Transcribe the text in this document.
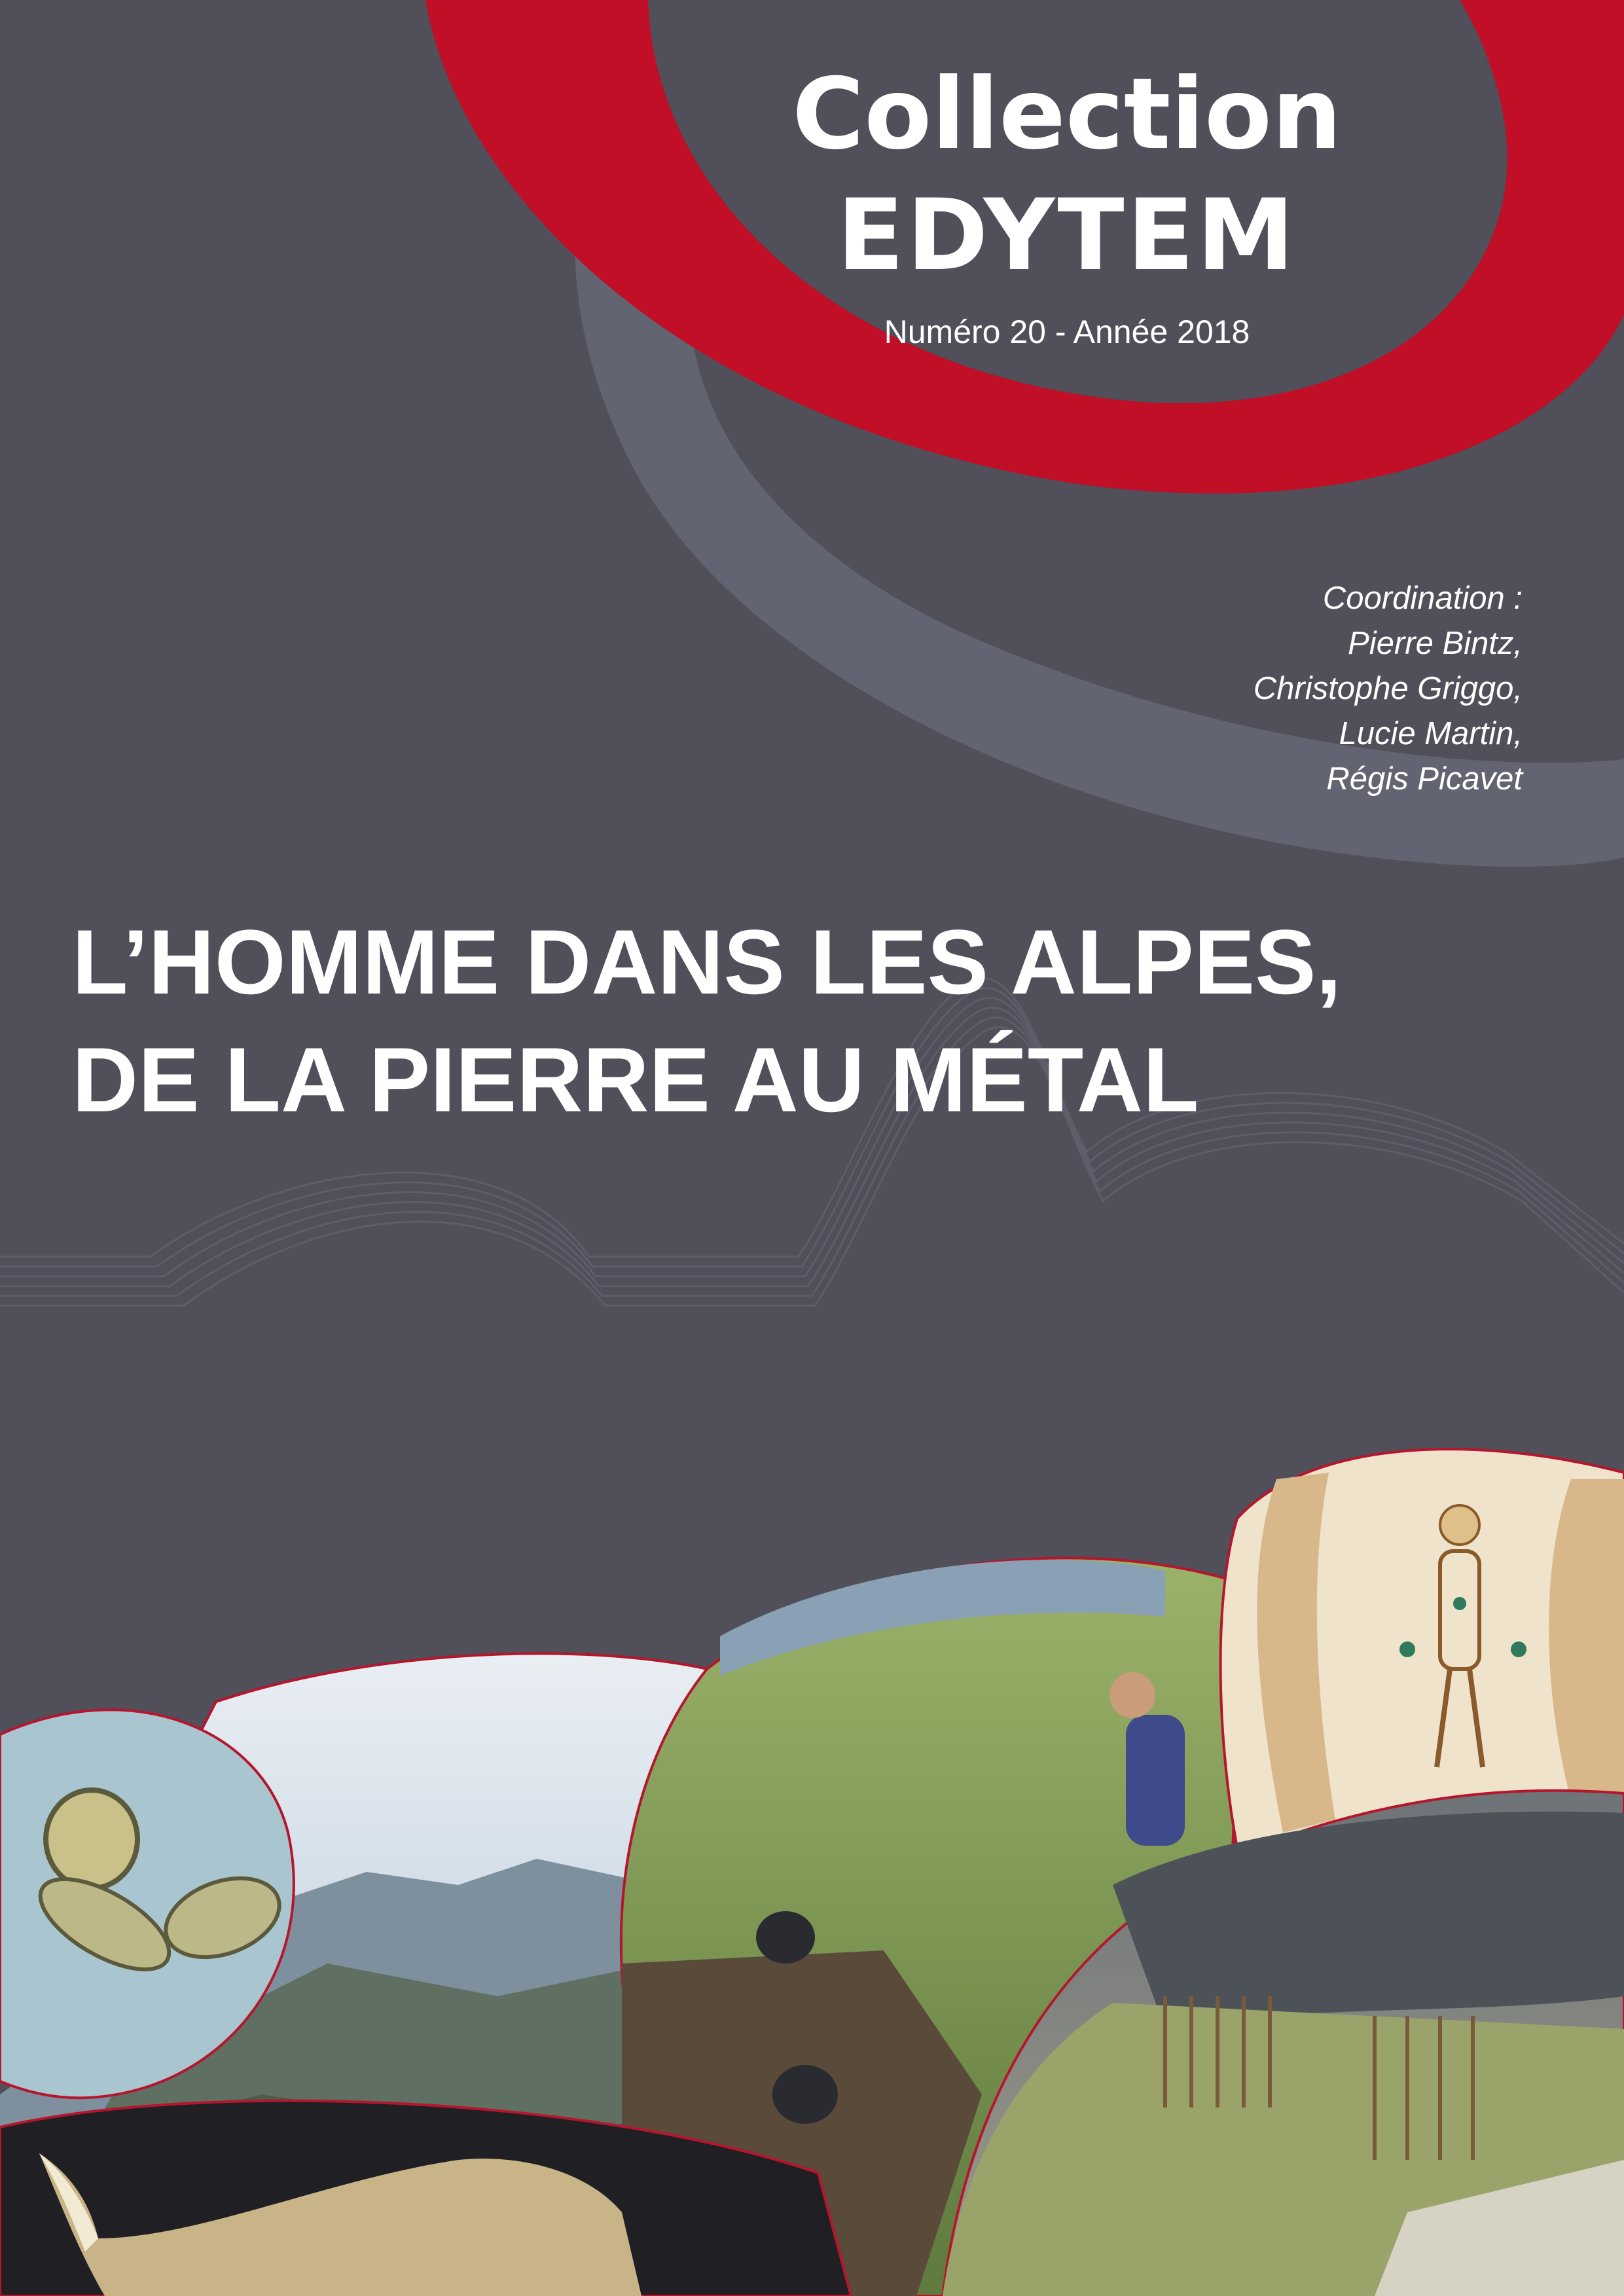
Collection
EDYTEM
Numéro 20 - Année 2018
Coordination :
Pierre Bintz,
Christophe Griggo,
Lucie Martin,
Régis Picavet
L’HOMME DANS LES ALPES,
DE LA PIERRE AU MÉTAL
